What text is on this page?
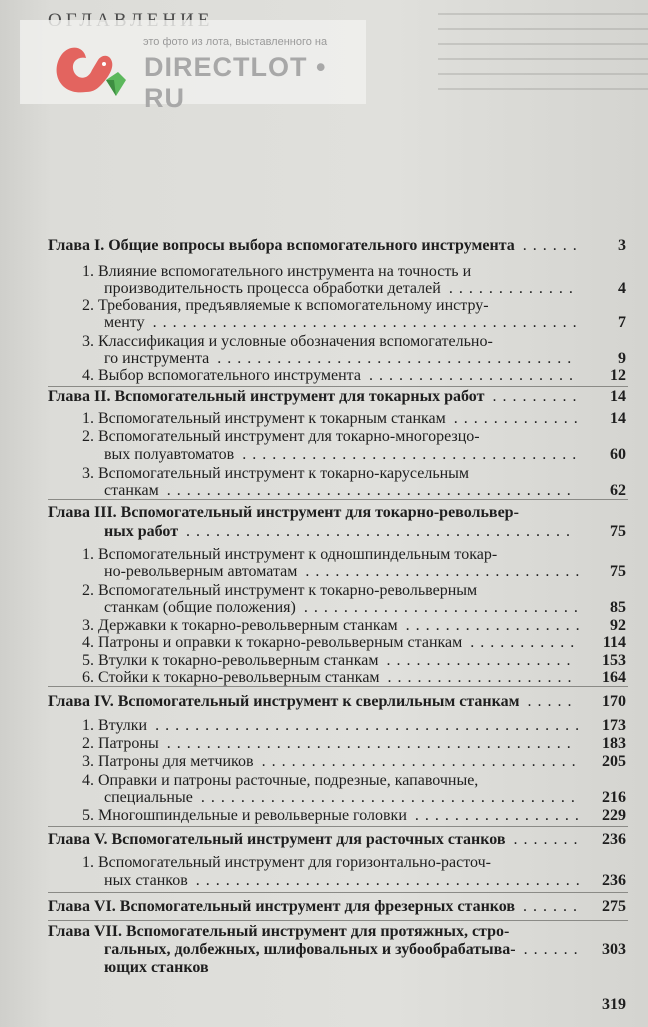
это фото из лота, выставленного на
DIRECTLOT • RU
Глава I. Общие вопросы выбора вспомогательного инструмента	3
......
1. Влияние вспомогательного инструмента на точность и
производительность процесса обработки деталей	4
.............
2. Требования, предъявляемые к вспомогательному инстру-
менту	7
...........................................
3. Классификация и условные обозначения вспомогательно-
го инструмента	9
....................................
4. Выбор вспомогательного инструмента	12
.....................
Глава II. Вспомогательный инструмент для токарных работ	14
.........
1. Вспомогательный инструмент к токарным станкам	14
.............
2. Вспомогательный инструмент для токарно-многорезцо-
вых полуавтоматов	60
..................................
3. Вспомогательный инструмент к токарно-карусельным
станкам	62
.........................................
Глава III. Вспомогательный инструмент для токарно-револьвер-
ных работ	75
.......................................
1. Вспомогательный инструмент к одношпиндельным токар-
но-револьверным автоматам	75
............................
2. Вспомогательный инструмент к токарно-револьверным
станкам (общие положения)	85
............................
3. Державки к токарно-револьверным станкам	92
..................
4. Патроны и оправки к токарно-револьверным станкам	114
...........
5. Втулки к токарно-револьверным станкам	153
...................
6. Стойки к токарно-револьверным станкам	164
...................
Глава IV. Вспомогательный инструмент к сверлильным станкам	170
.....
1. Втулки	173
...........................................
2. Патроны	183
.........................................
3. Патроны для метчиков	205
................................
4. Оправки и патроны расточные, подрезные, капавочные,
специальные	216
......................................
5. Многошпиндельные и револьверные головки	229
.................
Глава V. Вспомогательный инструмент для расточных станков	236
.......
1. Вспомогательный инструмент для горизонтально-расточ-
ных станков	236
.......................................
Глава VI. Вспомогательный инструмент для фрезерных станков	275
......
Глава VII. Вспомогательный инструмент для протяжных, стро-
гальных, долбежных, шлифовальных и зубообрабатыва-	303
......
ющих станков
319
